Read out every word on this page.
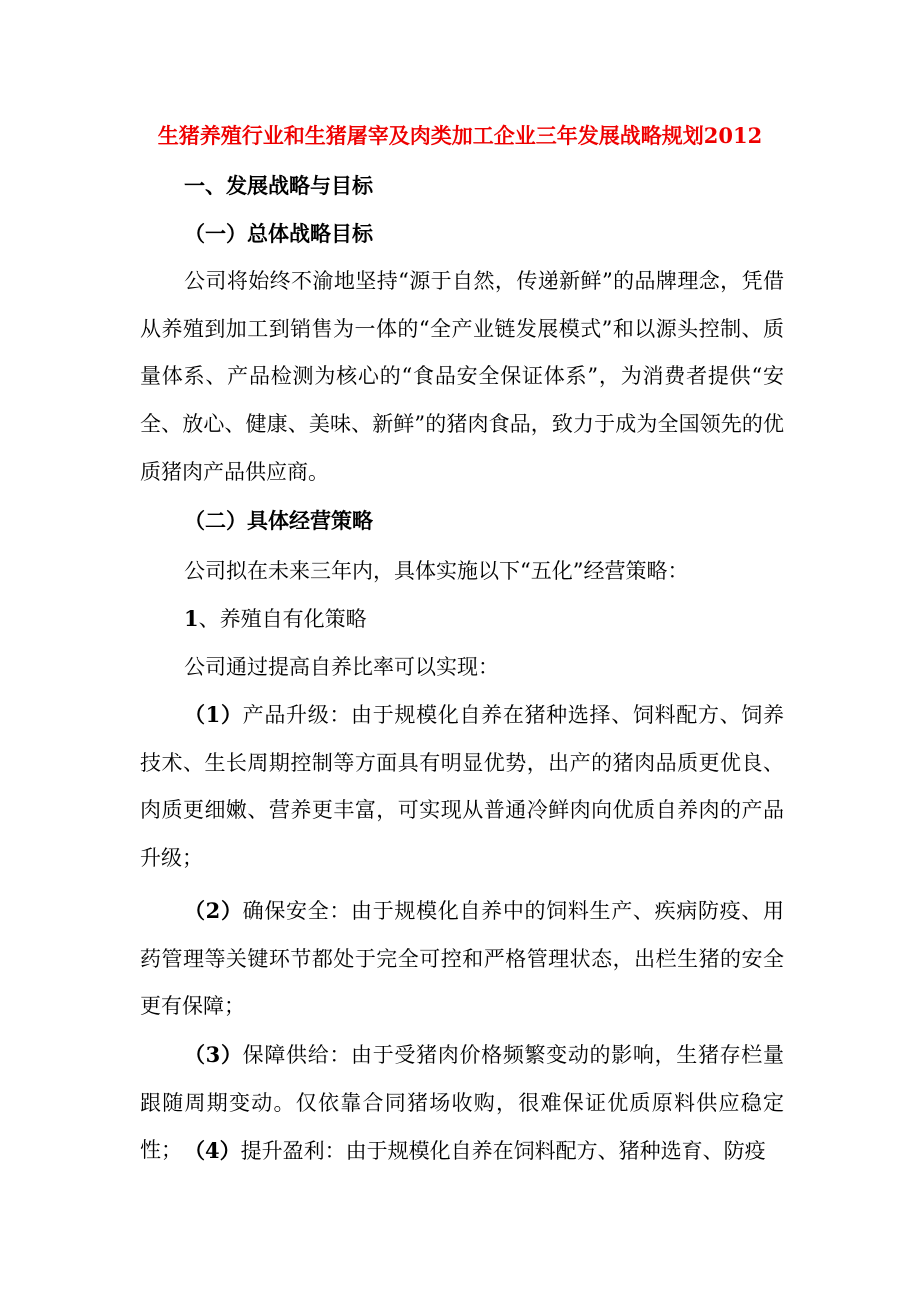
生猪养殖行业和生猪屠宰及肉类加工企业三年发展战略规划2012
一、发展战略与目标
（一）总体战略目标

公司将始终不渝地坚持“源于自然，传递新鲜”的品牌理念，凭借从养殖到加工到销售为一体的“全产业链发展模式”和以源头控制、质量体系、产品检测为核心的“食品安全保证体系”，为消费者提供“安全、放心、健康、美味、新鲜”的猪肉食品，致力于成为全国领先的优质猪肉产品供应商。

（二）具体经营策略
公司拟在未来三年内，具体实施以下“五化”经营策略：
1、养殖自有化策略
公司通过提高自养比率可以实现：

（1）产品升级：由于规模化自养在猪种选择、饲料配方、饲养技术、生长周期控制等方面具有明显优势，出产的猪肉品质更优良、肉质更细嫩、营养更丰富，可实现从普通冷鲜肉向优质自养肉的产品升级；

（2）确保安全：由于规模化自养中的饲料生产、疾病防疫、用药管理等关键环节都处于完全可控和严格管理状态，出栏生猪的安全更有保障；

（3）保障供给：由于受猪肉价格频繁变动的影响，生猪存栏量跟随周期变动。仅依靠合同猪场收购，很难保证优质原料供应稳定性； （4）提升盈利：由于规模化自养在饲料配方、猪种选育、防疫
